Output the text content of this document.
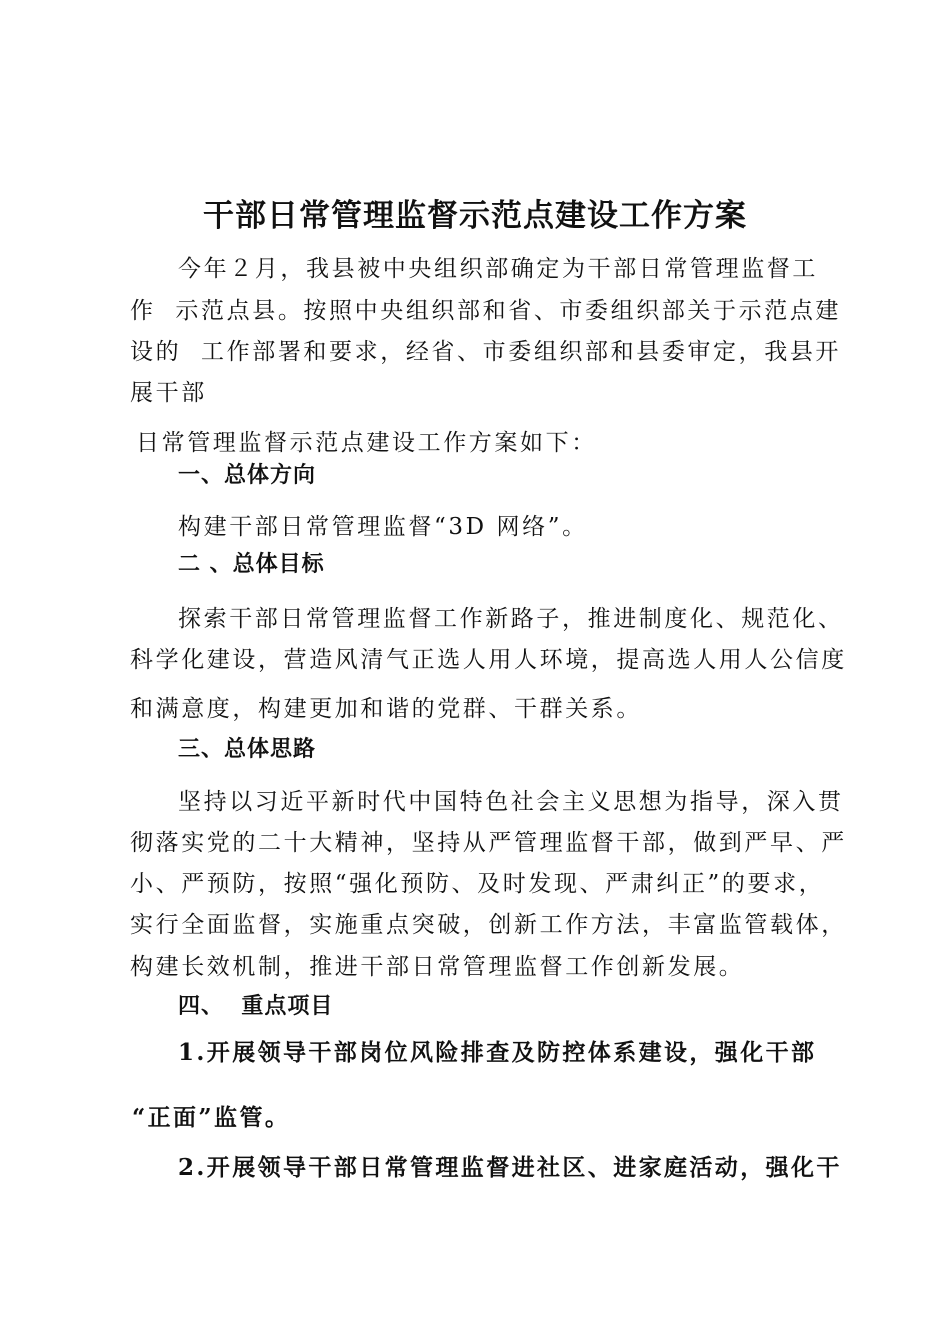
干部日常管理监督示范点建设工作方案
今年２月，我县被中央组织部确定为干部日常管理监督工
作  示范点县。按照中央组织部和省、市委组织部关于示范点建
设的  工作部署和要求，经省、市委组织部和县委审定，我县开
展干部
日常管理监督示范点建设工作方案如下：
一、总体方向
构建干部日常管理监督“3D 网络”。
二 、总体目标
探索干部日常管理监督工作新路子，推进制度化、规范化、
科学化建设，营造风清气正选人用人环境，提高选人用人公信度
和满意度，构建更加和谐的党群、干群关系。
三、总体思路
坚持以习近平新时代中国特色社会主义思想为指导，深入贯
彻落实党的二十大精神，坚持从严管理监督干部，做到严早、严
小、严预防，按照“强化预防、及时发现、严肃纠正”的要求，
实行全面监督，实施重点突破，创新工作方法，丰富监管载体，
构建长效机制，推进干部日常管理监督工作创新发展。
四、  重点项目
1.开展领导干部岗位风险排查及防控体系建设，强化干部
“正面”监管。
2.开展领导干部日常管理监督进社区、进家庭活动，强化干
